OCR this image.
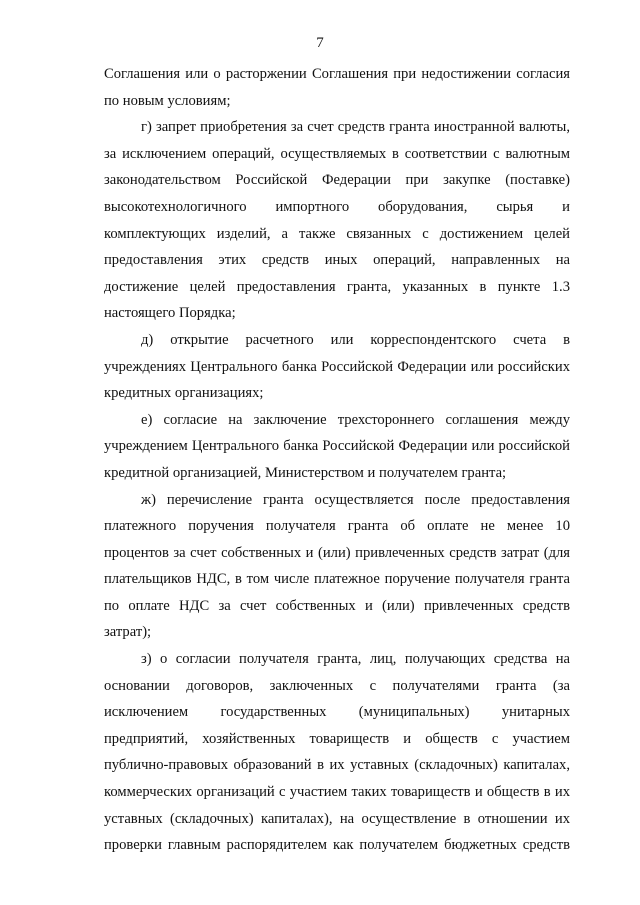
7

Соглашения или о расторжении Соглашения при недостижении согласия по новым условиям;

г) запрет приобретения за счет средств гранта иностранной валюты, за исключением операций, осуществляемых в соответствии с валютным законодательством Российской Федерации при закупке (поставке) высокотехнологичного импортного оборудования, сырья и комплектующих изделий, а также связанных с достижением целей предоставления этих средств иных операций, направленных на достижение целей предоставления гранта, указанных в пункте 1.3 настоящего Порядка;

д) открытие расчетного или корреспондентского счета в учреждениях Центрального банка Российской Федерации или российских кредитных организациях;

е) согласие на заключение трехстороннего соглашения между учреждением Центрального банка Российской Федерации или российской кредитной организацией, Министерством и получателем гранта;

ж) перечисление гранта осуществляется после предоставления платежного поручения получателя гранта об оплате не менее 10 процентов за счет собственных и (или) привлеченных средств затрат (для плательщиков НДС, в том числе платежное поручение получателя гранта по оплате НДС за счет собственных и (или) привлеченных средств затрат);

з) о согласии получателя гранта, лиц, получающих средства на основании договоров, заключенных с получателями гранта (за исключением государственных (муниципальных) унитарных предприятий, хозяйственных товариществ и обществ с участием публично-правовых образований в их уставных (складочных) капиталах, коммерческих организаций с участием таких товариществ и обществ в их уставных (складочных) капиталах), на осуществление в отношении их проверки главным распорядителем как получателем бюджетных средств
